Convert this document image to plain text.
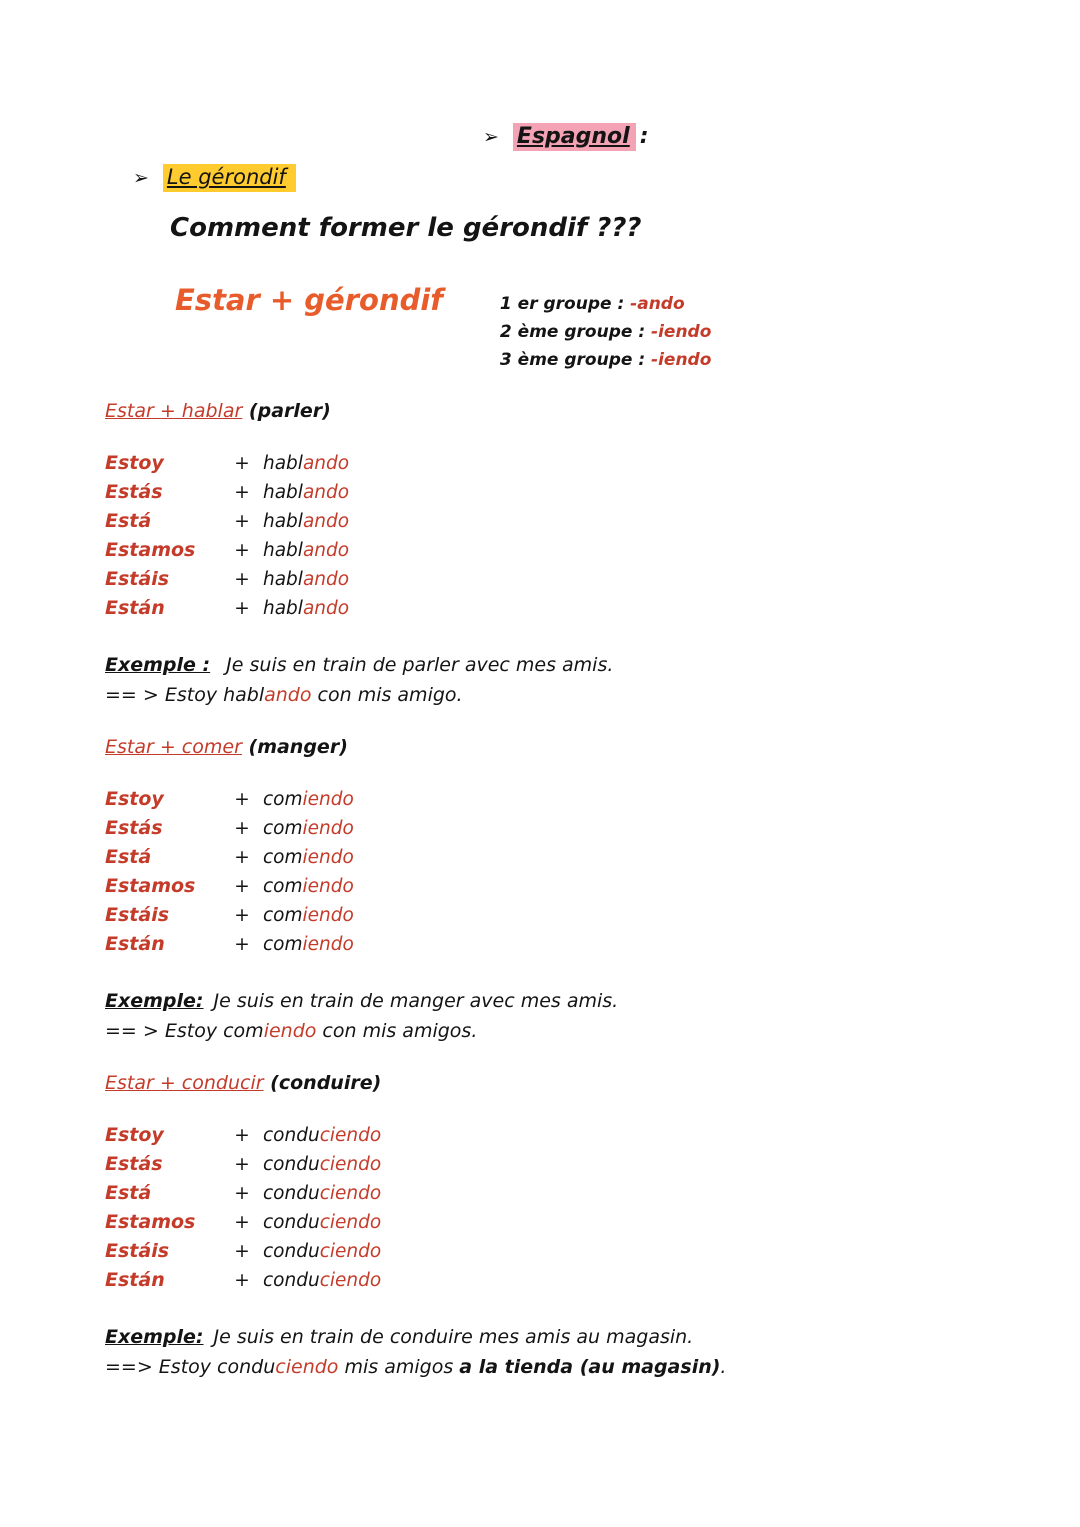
➢ Espagnol :
➢ Le gérondif
Comment former le gérondif ???
Estar + gérondif	1 er groupe : -ando
2 ème groupe : -iendo
3 ème groupe : -iendo
Estar + hablar (parler)
Estoy	+ hablando
Estás	+ hablando
Está	+ hablando
Estamos	+ hablando
Estáis	+ hablando
Están	+ hablando

Exemple : Je suis en train de parler avec mes amis.

== > Estoy hablando con mis amigo.

Estar + comer (manger)
Estoy	+ comiendo
Estás	+ comiendo
Está	+ comiendo
Estamos	+ comiendo
Estáis	+ comiendo
Están	+ comiendo

Exemple: Je suis en train de manger avec mes amis.

== > Estoy comiendo con mis amigos.

Estar + conducir (conduire)
Estoy	+ conduciendo
Estás	+ conduciendo
Está	+ conduciendo
Estamos	+ conduciendo
Estáis	+ conduciendo
Están	+ conduciendo

Exemple: Je suis en train de conduire mes amis au magasin.

==> Estoy conduciendo mis amigos a la tienda (au magasin).
